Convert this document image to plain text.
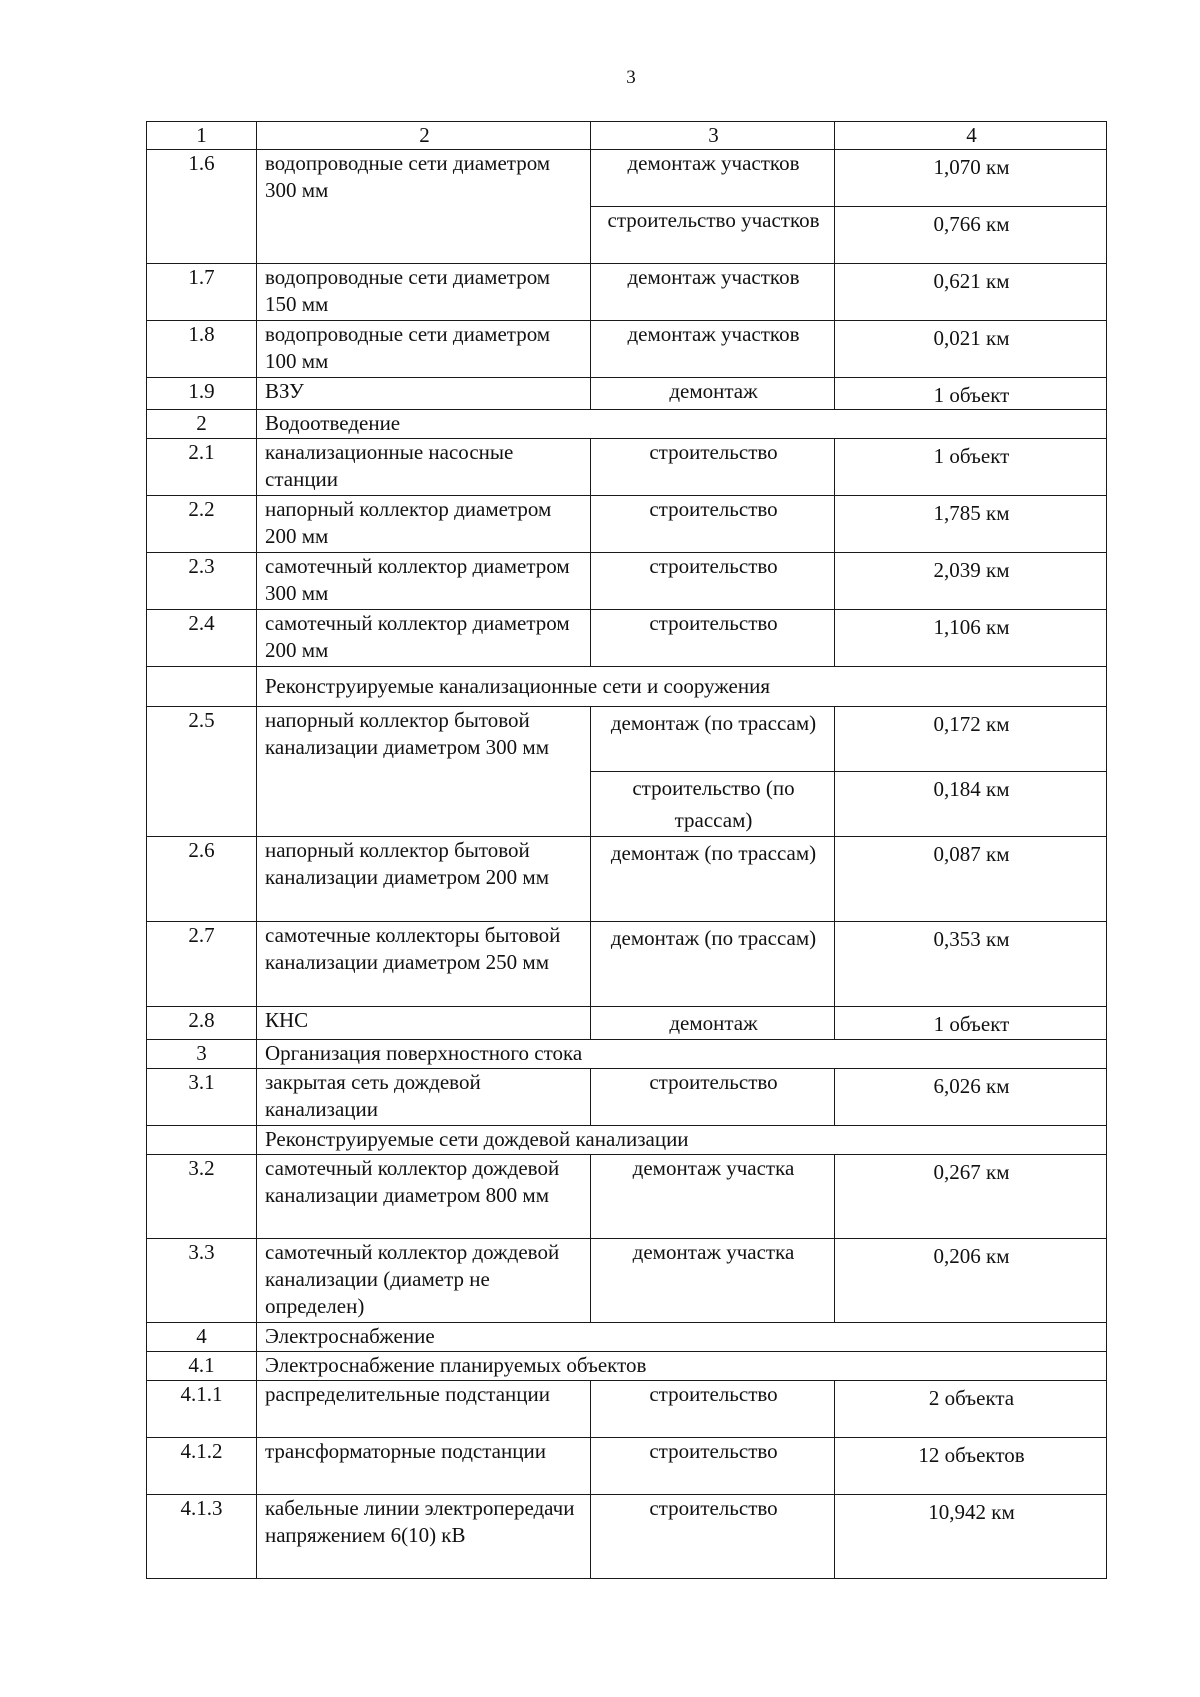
3
1	2	3	4
1.6	водопроводные сети диаметром 300 мм	демонтаж участков	1,070 км
		строительство участков	0,766 км
1.7	водопроводные сети диаметром 150 мм	демонтаж участков	0,621 км
1.8	водопроводные сети диаметром 100 мм	демонтаж участков	0,021 км
1.9	ВЗУ	демонтаж	1 объект
2	Водоотведение		
2.1	канализационные насосные станции	строительство	1 объект
2.2	напорный коллектор диаметром 200 мм	строительство	1,785 км
2.3	самотечный коллектор диаметром 300 мм	строительство	2,039 км
2.4	самотечный коллектор диаметром 200 мм	строительство	1,106 км
	Реконструируемые канализационные сети и сооружения		
2.5	напорный коллектор бытовой канализации диаметром 300 мм	демонтаж (по трассам)	0,172 км
		строительство (по трассам)	0,184 км
2.6	напорный коллектор бытовой канализации диаметром 200 мм	демонтаж (по трассам)	0,087 км
2.7	самотечные коллекторы бытовой канализации диаметром 250 мм	демонтаж (по трассам)	0,353 км
2.8	КНС	демонтаж	1 объект
3	Организация поверхностного стока		
3.1	закрытая сеть дождевой канализации	строительство	6,026 км
	Реконструируемые сети дождевой канализации		
3.2	самотечный коллектор дождевой канализации диаметром 800 мм	демонтаж участка	0,267 км
3.3	самотечный коллектор дождевой канализации (диаметр не определен)	демонтаж участка	0,206 км
4	Электроснабжение		
4.1	Электроснабжение планируемых объектов		
4.1.1	распределительные подстанции	строительство	2 объекта
4.1.2	трансформаторные подстанции	строительство	12 объектов
4.1.3	кабельные линии электропередачи напряжением 6(10) кВ	строительство	10,942 км
